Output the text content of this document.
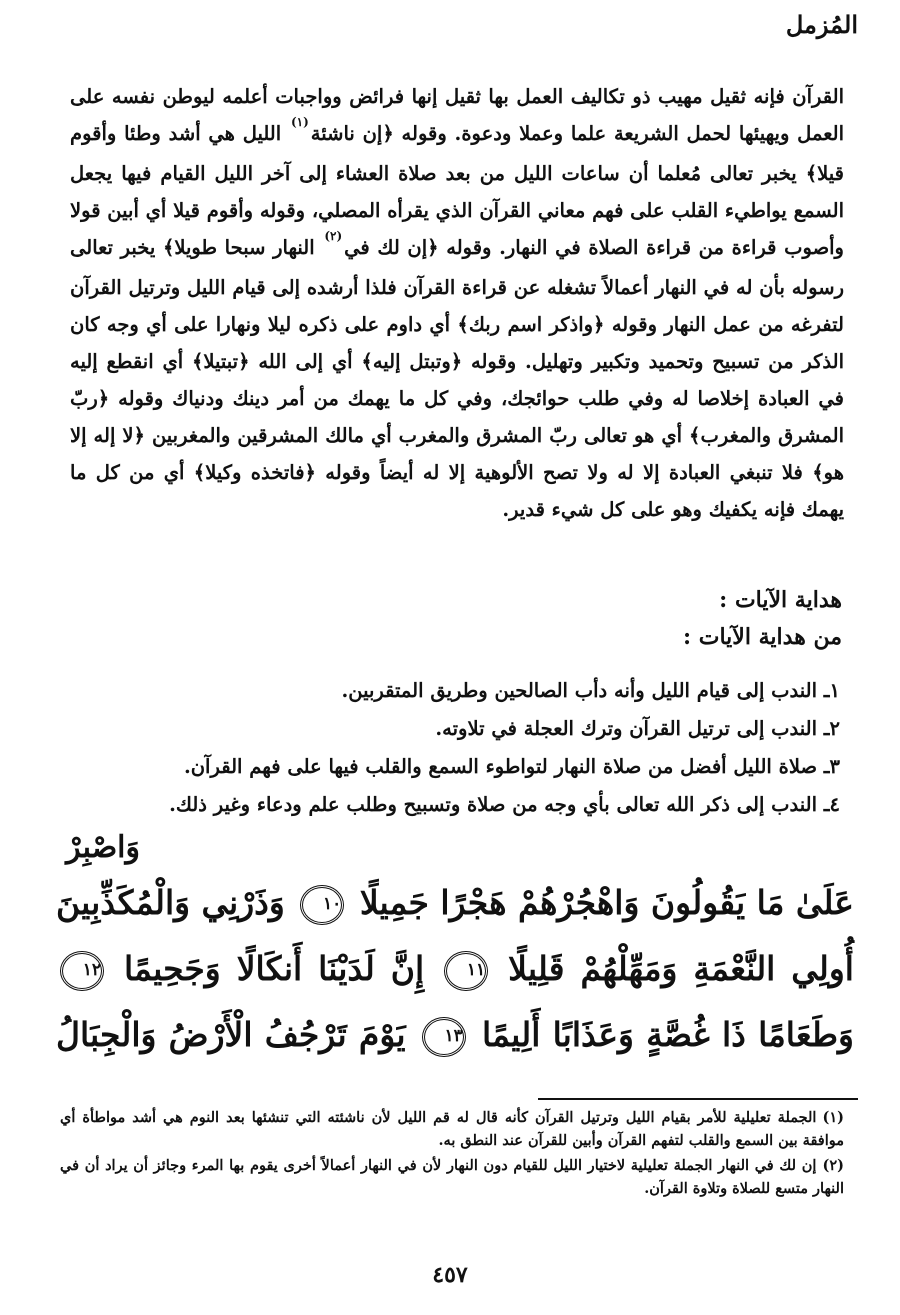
المُزمل

القرآن فإنه ثقيل مهيب ذو تكاليف العمل بها ثقيل إنها فرائض وواجبات أعلمه ليوطن نفسه على العمل ويهيئها لحمل الشريعة علما وعملا ودعوة. وقوله ﴿إن ناشئة$^{(١)}$ الليل هي أشد وطئا وأقوم قيلا﴾ يخبر تعالى مُعلما أن ساعات الليل من بعد صلاة العشاء إلى آخر الليل القيام فيها يجعل السمع يواطيء القلب على فهم معاني القرآن الذي يقرأه المصلي، وقوله وأقوم قيلا أي أبين قولا وأصوب قراءة من قراءة الصلاة في النهار. وقوله ﴿إن لك في$^{(٢)}$ النهار سبحا طويلا﴾ يخبر تعالى رسوله بأن له في النهار أعمالاً تشغله عن قراءة القرآن فلذا أرشده إلى قيام الليل وترتيل القرآن لتفرغه من عمل النهار وقوله ﴿واذكر اسم ربك﴾ أي داوم على ذكره ليلا ونهارا على أي وجه كان الذكر من تسبيح وتحميد وتكبير وتهليل. وقوله ﴿وتبتل إليه﴾ أي إلى الله ﴿تبتيلا﴾ أي انقطع إليه في العبادة إخلاصا له وفي طلب حوائجك، وفي كل ما يهمك من أمر دينك ودنياك وقوله ﴿ربّ المشرق والمغرب﴾ أي هو تعالى ربّ المشرق والمغرب أي مالك المشرقين والمغربين ﴿لا إله إلا هو﴾ فلا تنبغي العبادة إلا له ولا تصح الألوهية إلا له أيضاً وقوله ﴿فاتخذه وكيلا﴾ أي من كل ما يهمك فإنه يكفيك وهو على كل شيء قدير.

هداية الآيات :
من هداية الآيات :
١ـ الندب إلى قيام الليل وأنه دأب الصالحين وطريق المتقربين.
٢ـ الندب إلى ترتيل القرآن وترك العجلة في تلاوته.
٣ـ صلاة الليل أفضل من صلاة النهار لتواطوء السمع والقلب فيها على فهم القرآن.
٤ـ الندب إلى ذكر الله تعالى بأي وجه من صلاة وتسبيح وطلب علم ودعاء وغير ذلك.
وَاصْبِرْ
عَلَىٰ مَا يَقُولُونَ وَاهْجُرْهُمْ هَجْرًا جَمِيلًا ١٠ وَذَرْنِي وَالْمُكَذِّبِينَ
أُولِي النَّعْمَةِ وَمَهِّلْهُمْ قَلِيلًا ١١ إِنَّ لَدَيْنَا أَنكَالًا وَجَحِيمًا ١٢
وَطَعَامًا ذَا غُصَّةٍ وَعَذَابًا أَلِيمًا ١٣ يَوْمَ تَرْجُفُ الْأَرْضُ وَالْجِبَالُ

(١)الجملة تعليلية للأمر بقيام الليل وترتيل القرآن كأنه قال له قم الليل لأن ناشئته التي تنشئها بعد النوم هي أشد مواطأة أي موافقة بين السمع والقلب لتفهم القرآن وأبين للقرآن عند النطق به.

(٢)إن لك في النهار الجملة تعليلية لاختيار الليل للقيام دون النهار لأن في النهار أعمالاً أخرى يقوم بها المرء وجائز أن يراد أن في النهار متسع للصلاة وتلاوة القرآن.

٤٥٧
